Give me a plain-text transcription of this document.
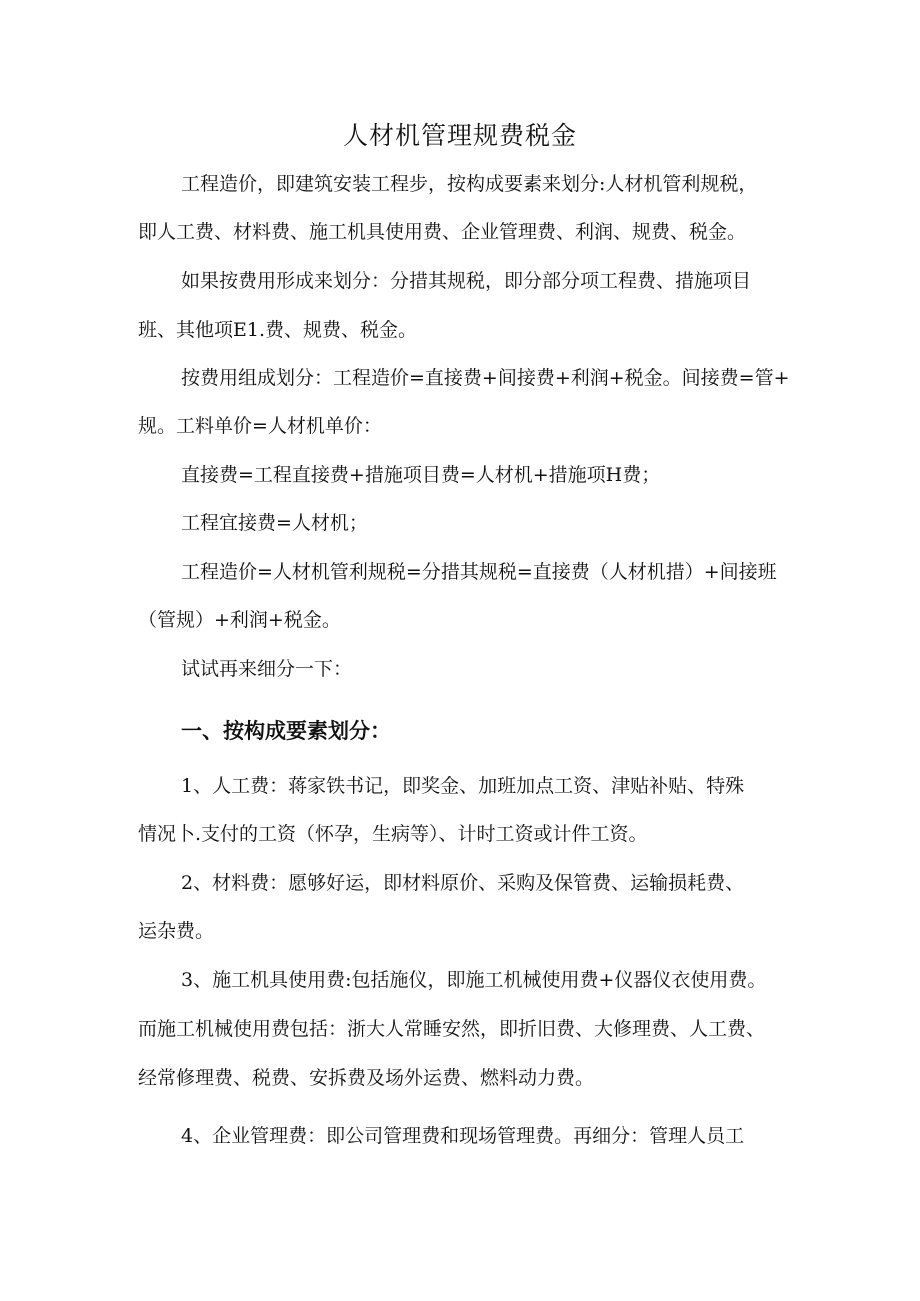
人材机管理规费税金

工程造价，即建筑安装工程步，按构成要素来划分:人材机管利规税，

即人工费、材料费、施工机具使用费、企业管理费、利润、规费、税金。

如果按费用形成来划分：分措其规税，即分部分项工程费、措施项目

班、其他项E1.费、规费、税金。

按费用组成划分：工程造价=直接费+间接费+利润+税金。间接费=管+

规。工料单价=人材机单价：

直接费=工程直接费+措施项目费=人材机+措施项H费；

工程宜接费=人材机；

工程造价=人材机管利规税=分措其规税=直接费（人材机措）+间接班

（管规）+利润+税金。

试试再来细分一下：

一、按构成要素划分：

1、人工费：蒋家铁书记，即奖金、加班加点工资、津贴补贴、特殊

情况卜.支付的工资（怀孕，生病等）、计时工资或计件工资。

2、材料费：愿够好运，即材料原价、采购及保管费、运输损耗费、

运杂费。

3、施工机具使用费:包括施仪，即施工机械使用费+仪器仪衣使用费。

而施工机械使用费包括：浙大人常睡安然，即折旧费、大修理费、人工费、

经常修理费、税费、安拆费及场外运费、燃料动力费。

4、企业管理费：即公司管理费和现场管理费。再细分：管理人员工
